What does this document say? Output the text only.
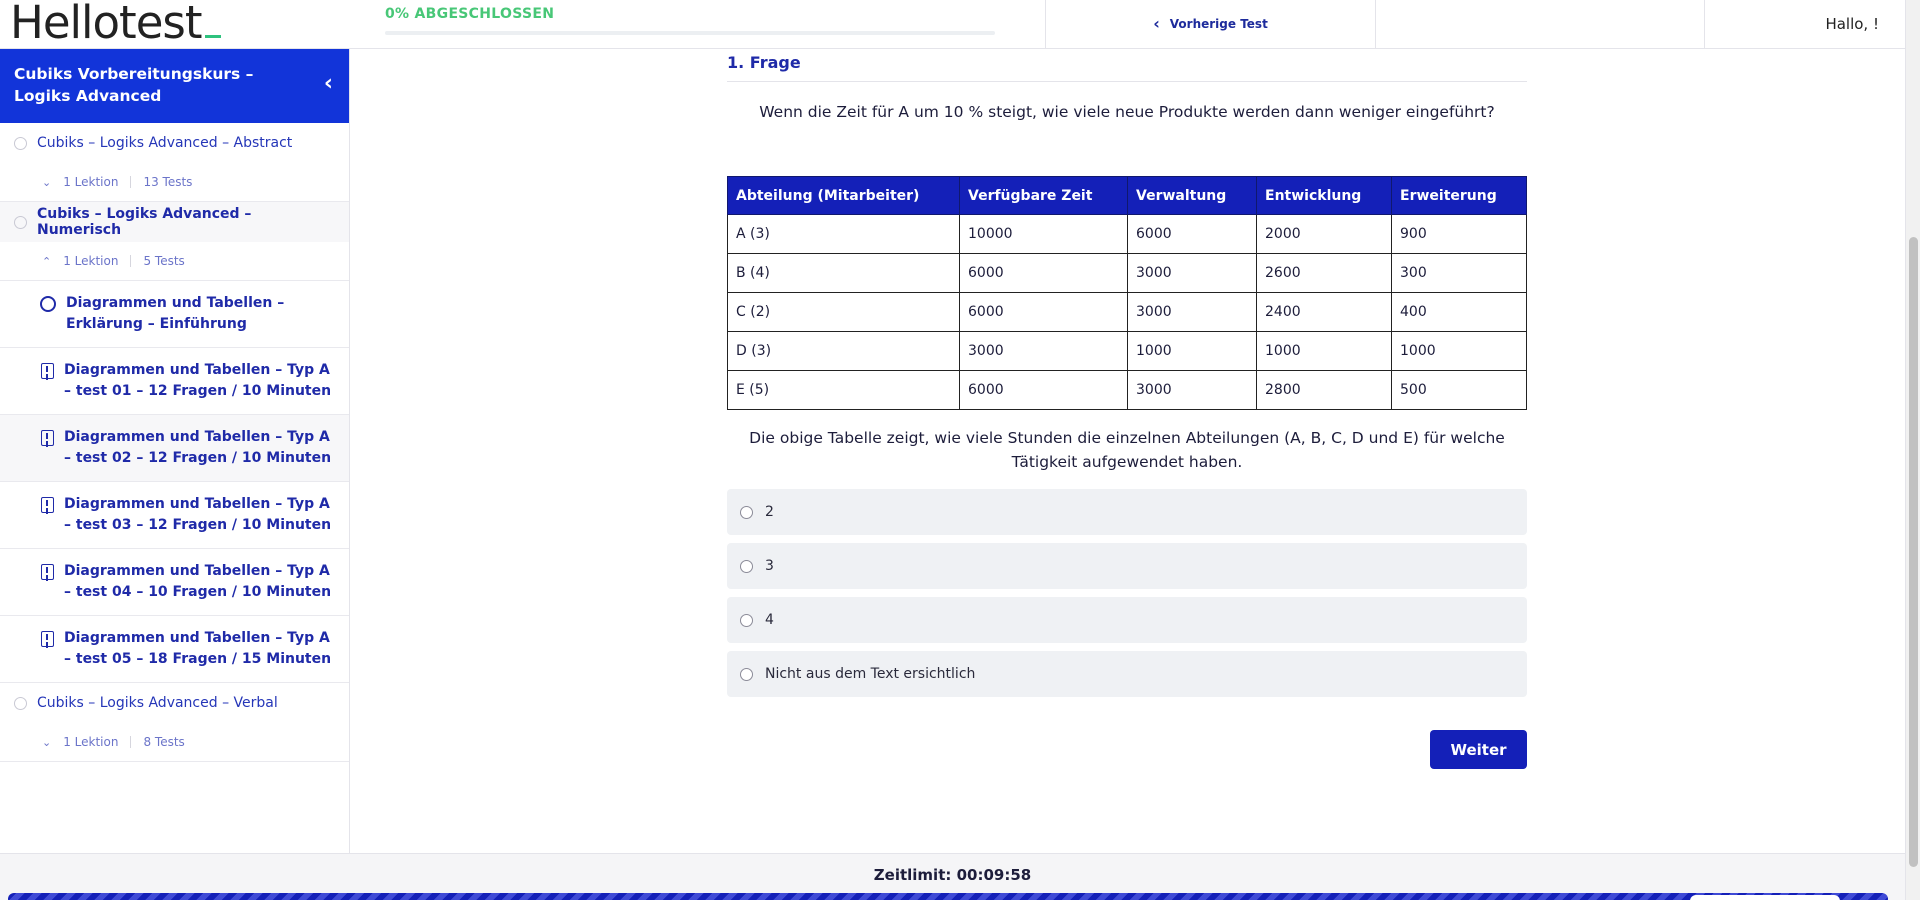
Hellotest	0% ABGESCHLOSSEN	‹ Vorherige Test	Hallo, !
Cubiks Vorbereitungskurs – Logiks Advanced	‹
Cubiks – Logiks Advanced – Abstract
⌄ 1 Lektion 13 Tests
Cubiks – Logiks Advanced – Numerisch
⌃ 1 Lektion 5 Tests
Diagrammen und Tabellen – Erklärung – Einführung
Diagrammen und Tabellen – Typ A – test 01 – 12 Fragen / 10 Minuten
Diagrammen und Tabellen – Typ A – test 02 – 12 Fragen / 10 Minuten
Diagrammen und Tabellen – Typ A – test 03 – 12 Fragen / 10 Minuten
Diagrammen und Tabellen – Typ A – test 04 – 10 Fragen / 10 Minuten
Diagrammen und Tabellen – Typ A – test 05 – 18 Fragen / 15 Minuten
Cubiks – Logiks Advanced – Verbal
⌄ 1 Lektion 8 Tests
1. Frage
Wenn die Zeit für A um 10 % steigt, wie viele neue Produkte werden dann weniger eingeführt?
Abteilung (Mitarbeiter)	Verfügbare Zeit	Verwaltung	Entwicklung	Erweiterung
A (3)	10000	6000	2000	900
B (4)	6000	3000	2600	300
C (2)	6000	3000	2400	400
D (3)	3000	1000	1000	1000
E (5)	6000	3000	2800	500
Die obige Tabelle zeigt, wie viele Stunden die einzelnen Abteilungen (A, B, C, D und E) für welche Tätigkeit aufgewendet haben.
2
3
4
Nicht aus dem Text ersichtlich
Weiter
Zeitlimit: 00:09:58
